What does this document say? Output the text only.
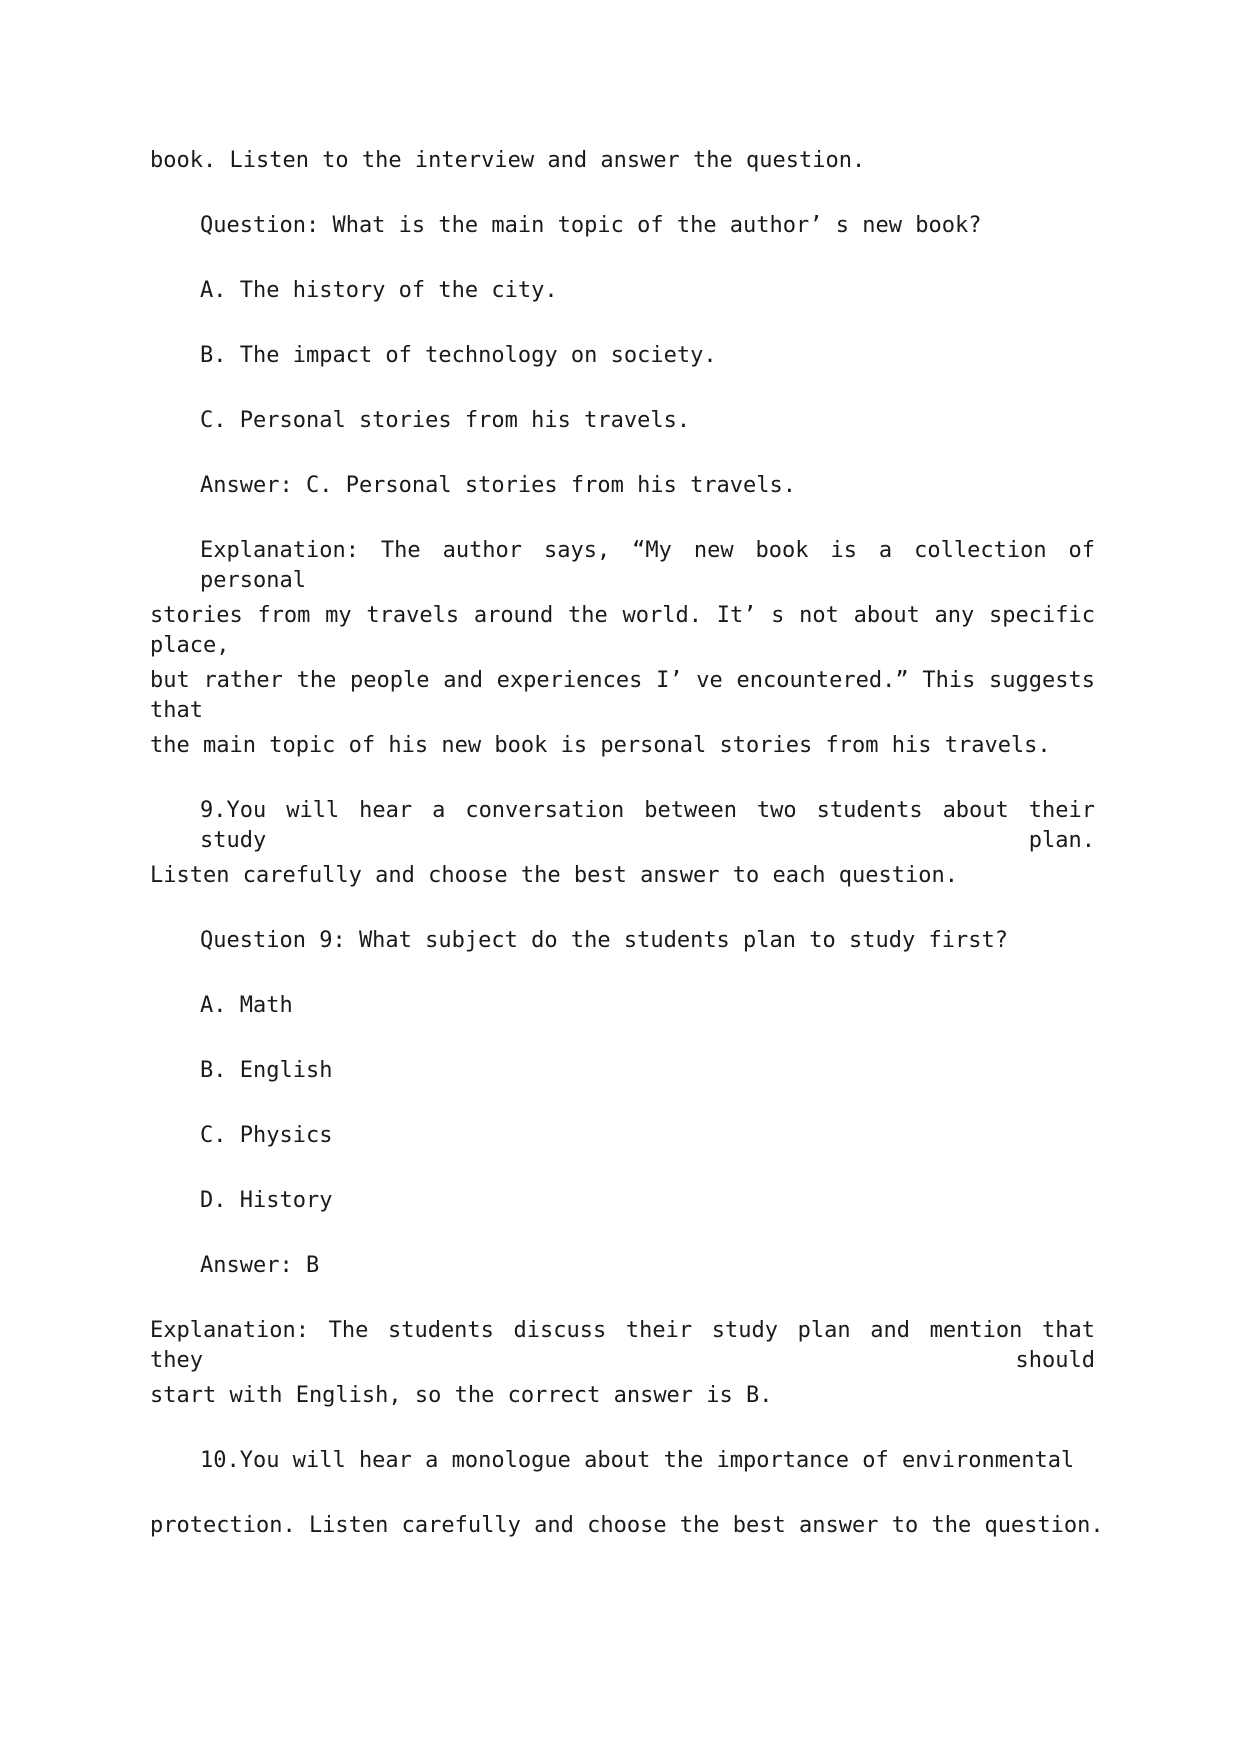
book. Listen to the interview and answer the question.
Question: What is the main topic of the author’ s new book?
A. The history of the city.
B. The impact of technology on society.
C. Personal stories from his travels.
Answer: C. Personal stories from his travels.
Explanation: The author says, “My new book is a collection of personal
stories from my travels around the world. It’ s not about any specific place,
but rather the people and experiences I’ ve encountered.” This suggests that
the main topic of his new book is personal stories from his travels.
9.You will hear a conversation between two students about their study plan.
Listen carefully and choose the best answer to each question.
Question 9: What subject do the students plan to study first?
A. Math
B. English
C. Physics
D. History
Answer: B
Explanation: The students discuss their study plan and mention that they should
start with English, so the correct answer is B.
10.You will hear a monologue about the importance of environmental
protection. Listen carefully and choose the best answer to the question.
